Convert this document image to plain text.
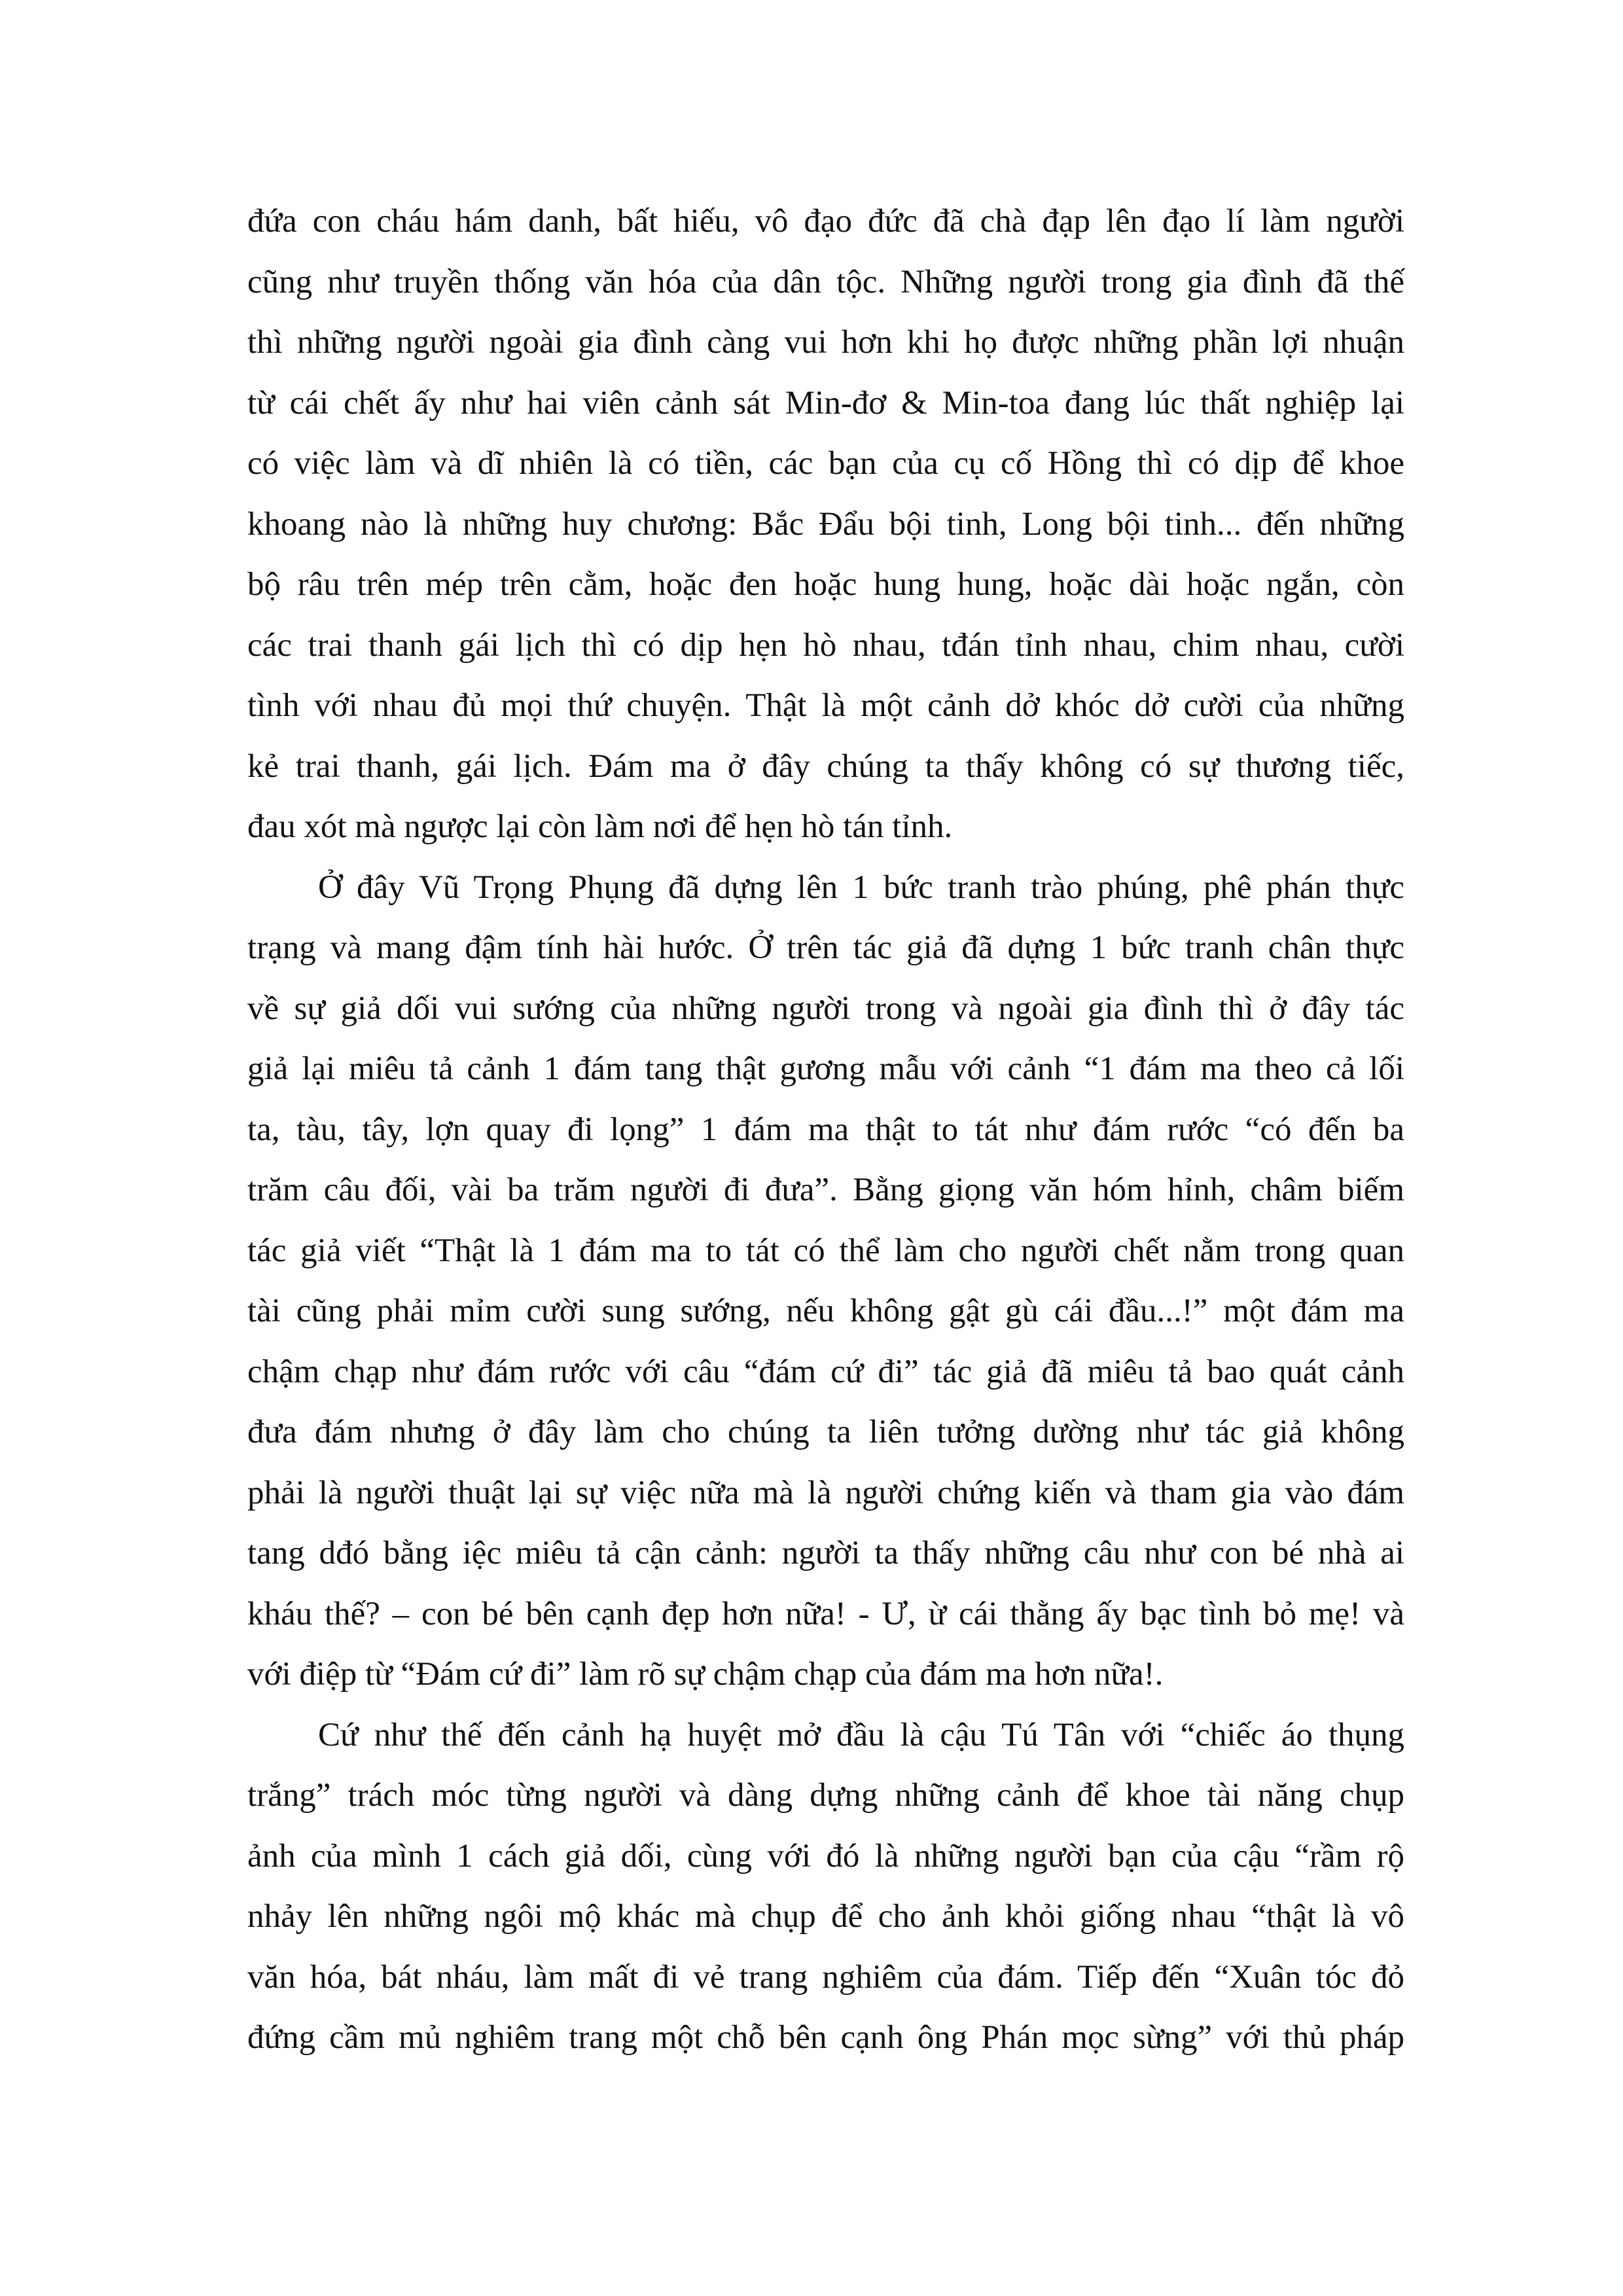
đứa con cháu hám danh, bất hiếu, vô đạo đức đã chà đạp lên đạo lí làm người
cũng như truyền thống văn hóa của dân tộc. Những người trong gia đình đã thế
thì những người ngoài gia đình càng vui hơn khi họ được những phần lợi nhuận
từ cái chết ấy như hai viên cảnh sát Min-đơ & Min-toa đang lúc thất nghiệp lại
có việc làm và dĩ nhiên là có tiền, các bạn của cụ cố Hồng thì có dịp để khoe
khoang nào là những huy chương: Bắc Đẩu bội tinh, Long bội tinh... đến những
bộ râu trên mép trên cằm, hoặc đen hoặc hung hung, hoặc dài hoặc ngắn, còn
các trai thanh gái lịch thì có dịp hẹn hò nhau, tđán tỉnh nhau, chim nhau, cười
tình với nhau đủ mọi thứ chuyện. Thật là một cảnh dở khóc dở cười của những
kẻ trai thanh, gái lịch. Đám ma ở đây chúng ta thấy không có sự thương tiếc,
đau xót mà ngược lại còn làm nơi để hẹn hò tán tỉnh.
Ở đây Vũ Trọng Phụng đã dựng lên 1 bức tranh trào phúng, phê phán thực
trạng và mang đậm tính hài hước. Ở trên tác giả đã dựng 1 bức tranh chân thực
về sự giả dối vui sướng của những người trong và ngoài gia đình thì ở đây tác
giả lại miêu tả cảnh 1 đám tang thật gương mẫu với cảnh “1 đám ma theo cả lối
ta, tàu, tây, lợn quay đi lọng” 1 đám ma thật to tát như đám rước “có đến ba
trăm câu đối, vài ba trăm người đi đưa”. Bằng giọng văn hóm hỉnh, châm biếm
tác giả viết “Thật là 1 đám ma to tát có thể làm cho người chết nằm trong quan
tài cũng phải mỉm cười sung sướng, nếu không gật gù cái đầu...!” một đám ma
chậm chạp như đám rước với câu “đám cứ đi” tác giả đã miêu tả bao quát cảnh
đưa đám nhưng ở đây làm cho chúng ta liên tưởng dường như tác giả không
phải là người thuật lại sự việc nữa mà là người chứng kiến và tham gia vào đám
tang dđó bằng iệc miêu tả cận cảnh: người ta thấy những câu như con bé nhà ai
kháu thế? – con bé bên cạnh đẹp hơn nữa! - Ư, ừ cái thằng ấy bạc tình bỏ mẹ! và
với điệp từ “Đám cứ đi” làm rõ sự chậm chạp của đám ma hơn nữa!.
Cứ như thế đến cảnh hạ huyệt mở đầu là cậu Tú Tân với “chiếc áo thụng
trắng” trách móc từng người và dàng dựng những cảnh để khoe tài năng chụp
ảnh của mình 1 cách giả dối, cùng với đó là những người bạn của cậu “rầm rộ
nhảy lên những ngôi mộ khác mà chụp để cho ảnh khỏi giống nhau “thật là vô
văn hóa, bát nháu, làm mất đi vẻ trang nghiêm của đám. Tiếp đến “Xuân tóc đỏ
đứng cầm mủ nghiêm trang một chỗ bên cạnh ông Phán mọc sừng” với thủ pháp
